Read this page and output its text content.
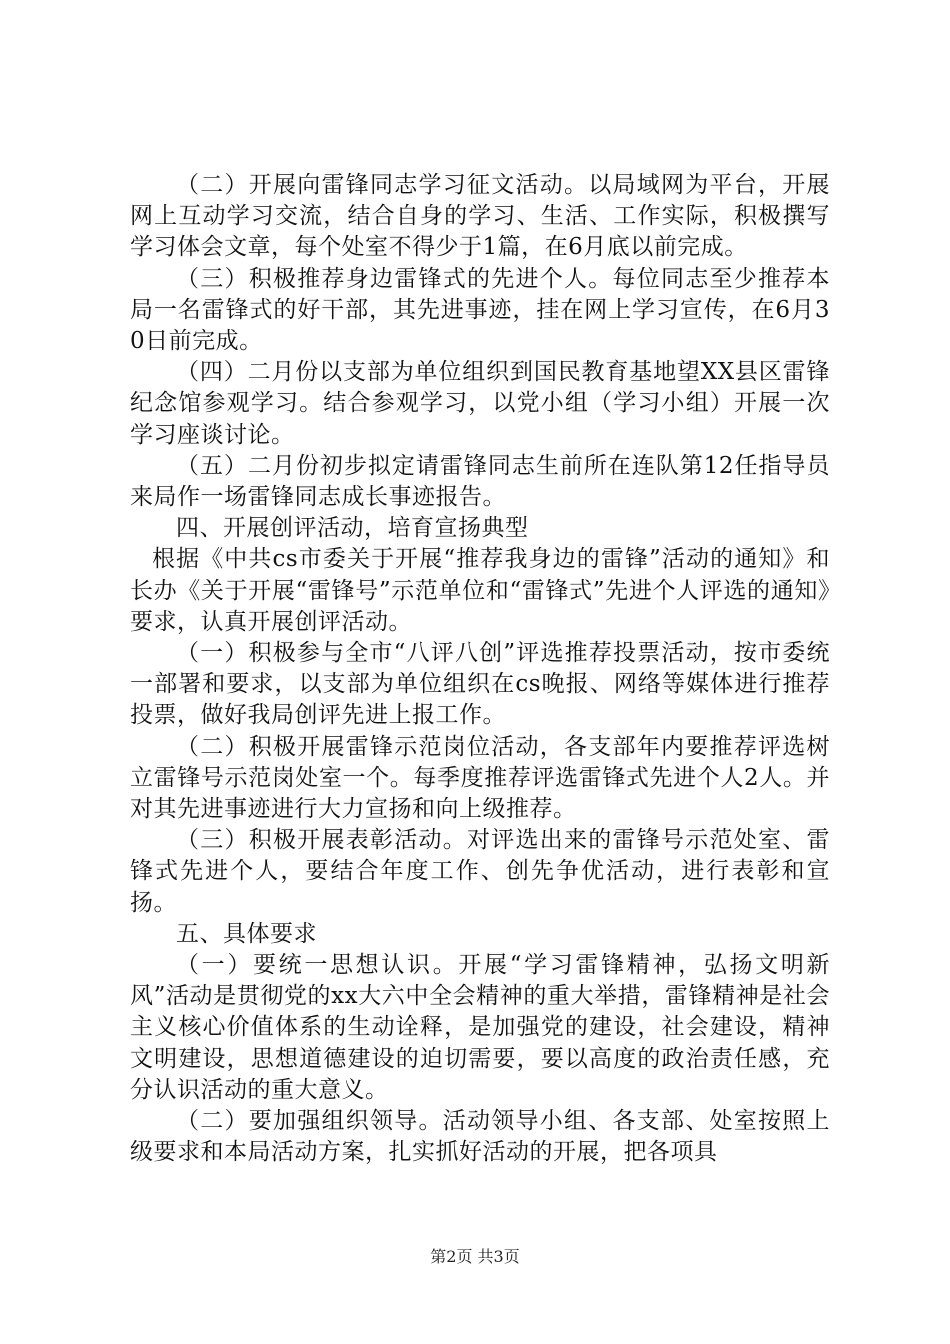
（二）开展向雷锋同志学习征文活动。以局域网为平台，开展网上互动学习交流，结合自身的学习、生活、工作实际，积极撰写学习体会文章，每个处室不得少于1篇，在6月底以前完成。

（三）积极推荐身边雷锋式的先进个人。每位同志至少推荐本局一名雷锋式的好干部，其先进事迹，挂在网上学习宣传，在6月30日前完成。

（四）二月份以支部为单位组织到国民教育基地望XX县区雷锋纪念馆参观学习。结合参观学习，以党小组（学习小组）开展一次学习座谈讨论。

（五）二月份初步拟定请雷锋同志生前所在连队第12任指导员来局作一场雷锋同志成长事迹报告。

四、开展创评活动，培育宣扬典型

根据《中共cs市委关于开展“推荐我身边的雷锋”活动的通知》和长办《关于开展“雷锋号”示范单位和“雷锋式”先进个人评选的通知》要求，认真开展创评活动。

（一）积极参与全市“八评八创”评选推荐投票活动，按市委统一部署和要求，以支部为单位组织在cs晚报、网络等媒体进行推荐投票，做好我局创评先进上报工作。

（二）积极开展雷锋示范岗位活动，各支部年内要推荐评选树立雷锋号示范岗处室一个。每季度推荐评选雷锋式先进个人2人。并对其先进事迹进行大力宣扬和向上级推荐。

（三）积极开展表彰活动。对评选出来的雷锋号示范处室、雷锋式先进个人，要结合年度工作、创先争优活动，进行表彰和宣扬。

五、具体要求

（一）要统一思想认识。开展“学习雷锋精神，弘扬文明新风”活动是贯彻党的xx大六中全会精神的重大举措，雷锋精神是社会主义核心价值体系的生动诠释，是加强党的建设，社会建设，精神文明建设，思想道德建设的迫切需要，要以高度的政治责任感，充分认识活动的重大意义。

（二）要加强组织领导。活动领导小组、各支部、处室按照上级要求和本局活动方案，扎实抓好活动的开展，把各项具

第2页 共3页
